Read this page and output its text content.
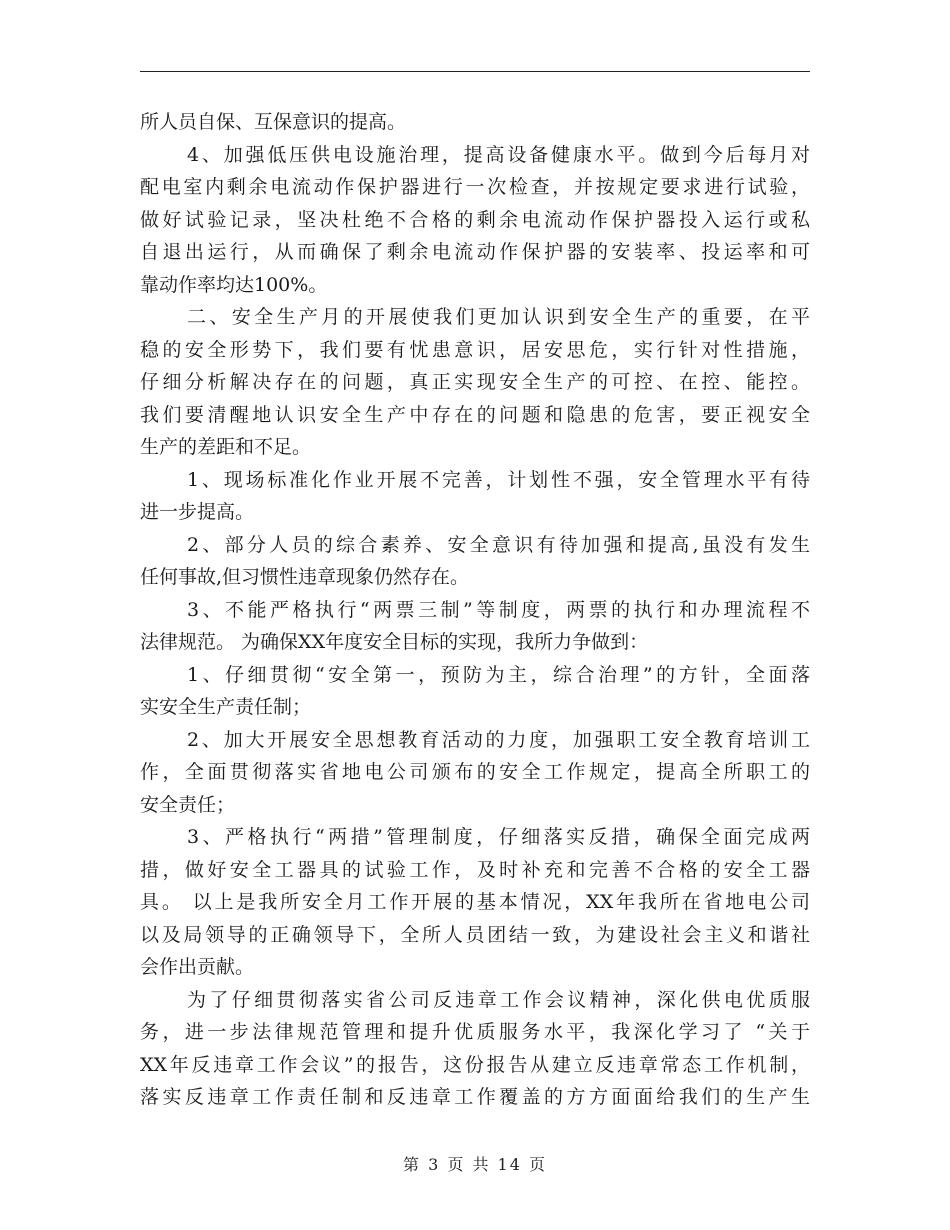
所人员自保、互保意识的提高。
4、加强低压供电设施治理，提高设备健康水平。做到今后每月对
配电室内剩余电流动作保护器进行一次检查，并按规定要求进行试验，
做好试验记录，坚决杜绝不合格的剩余电流动作保护器投入运行或私
自退出运行，从而确保了剩余电流动作保护器的安装率、投运率和可
靠动作率均达100%。
二、安全生产月的开展使我们更加认识到安全生产的重要，在平
稳的安全形势下，我们要有忧患意识，居安思危，实行针对性措施，
仔细分析解决存在的问题，真正实现安全生产的可控、在控、能控。
我们要清醒地认识安全生产中存在的问题和隐患的危害，要正视安全
生产的差距和不足。
1、现场标准化作业开展不完善，计划性不强，安全管理水平有待
进一步提高。
2、部分人员的综合素养、安全意识有待加强和提高,虽没有发生
任何事故,但习惯性违章现象仍然存在。
3、不能严格执行“两票三制”等制度，两票的执行和办理流程不
法律规范。 为确保XX年度安全目标的实现，我所力争做到：
1、仔细贯彻“安全第一，预防为主，综合治理”的方针，全面落
实安全生产责任制；
2、加大开展安全思想教育活动的力度，加强职工安全教育培训工
作，全面贯彻落实省地电公司颁布的安全工作规定，提高全所职工的
安全责任；
3、严格执行“两措”管理制度，仔细落实反措，确保全面完成两
措，做好安全工器具的试验工作，及时补充和完善不合格的安全工器
具。 以上是我所安全月工作开展的基本情况，XX年我所在省地电公司
以及局领导的正确领导下，全所人员团结一致，为建设社会主义和谐社
会作出贡献。
为了仔细贯彻落实省公司反违章工作会议精神，深化供电优质服
务，进一步法律规范管理和提升优质服务水平，我深化学习了 “关于
XX年反违章工作会议”的报告，这份报告从建立反违章常态工作机制，
落实反违章工作责任制和反违章工作覆盖的方方面面给我们的生产生
第 3 页 共 14 页
